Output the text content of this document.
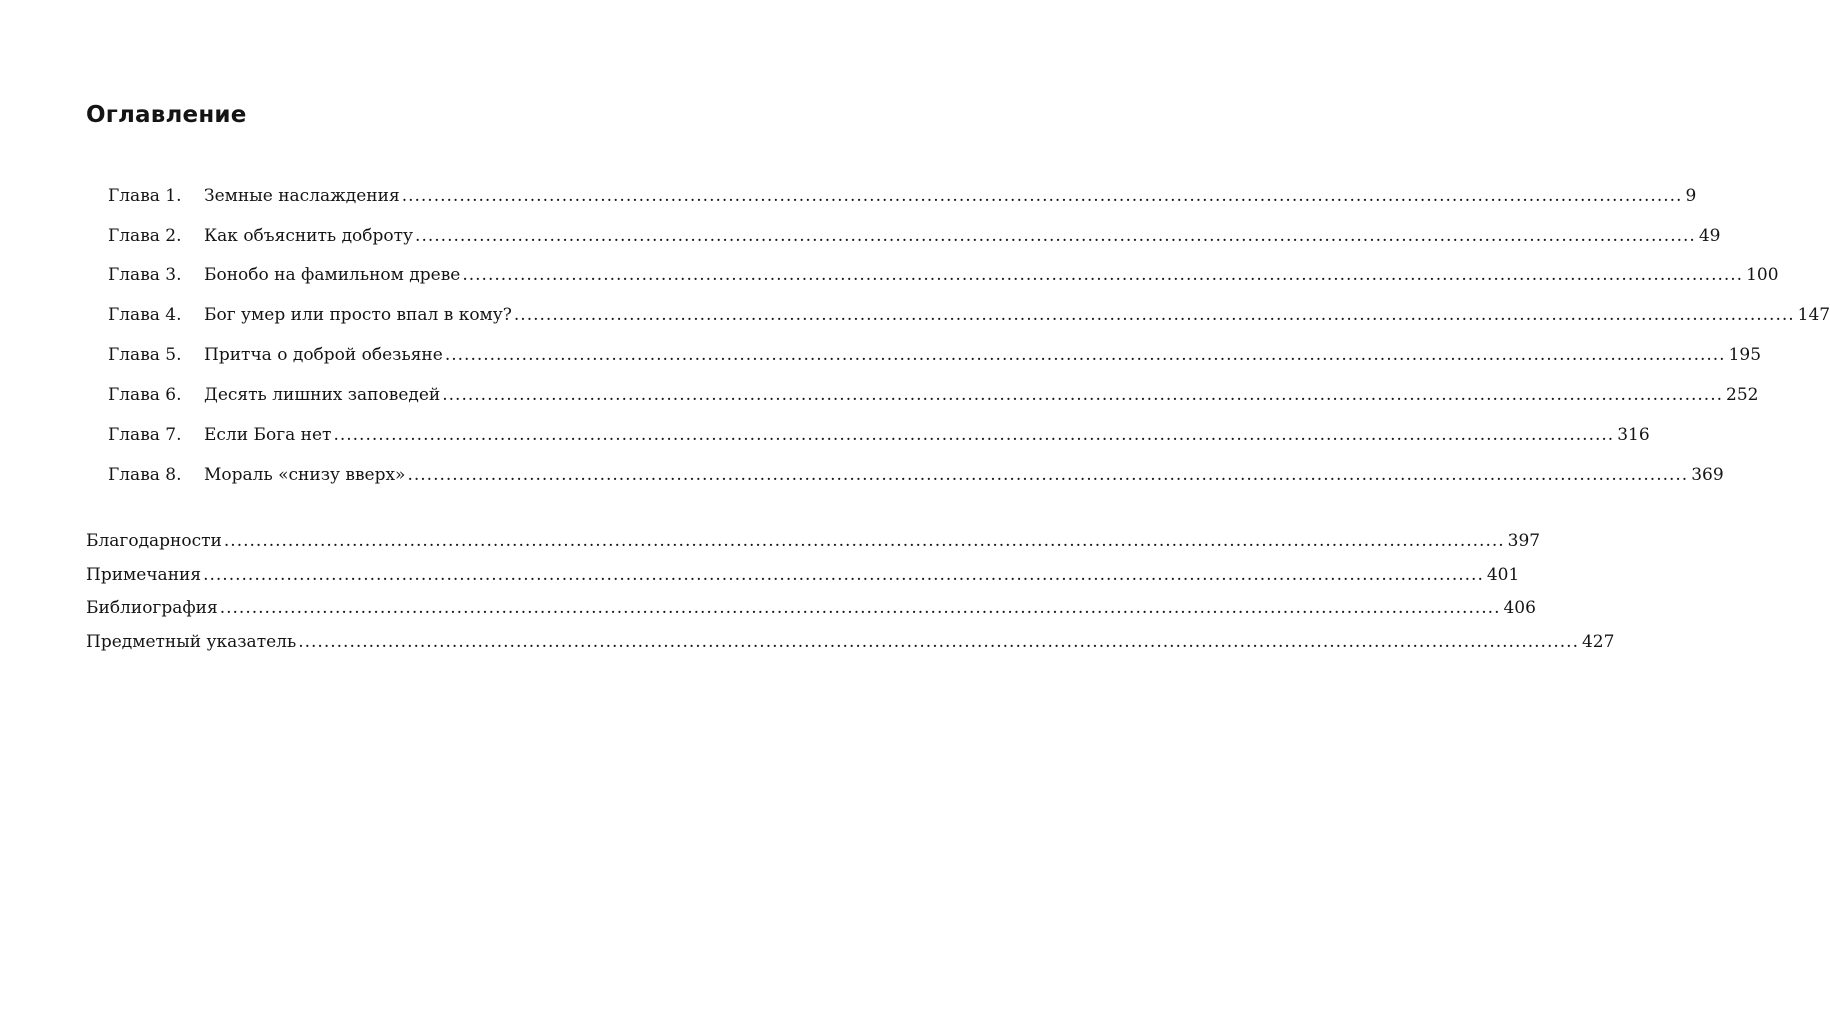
Оглавление
Глава 1.	Земные наслаждения ........................................................................................................................................................................................................ 9
Глава 2.	Как объяснить доброту ........................................................................................................................................................................................................ 49
Глава 3.	Бонобо на фамильном древе ........................................................................................................................................................................................................ 100
Глава 4.	Бог умер или просто впал в кому? ........................................................................................................................................................................................................ 147
Глава 5.	Притча о доброй обезьяне ........................................................................................................................................................................................................ 195
Глава 6.	Десять лишних заповедей ........................................................................................................................................................................................................ 252
Глава 7.	Если Бога нет ........................................................................................................................................................................................................ 316
Глава 8.	Мораль «снизу вверх» ........................................................................................................................................................................................................ 369
Благодарности ........................................................................................................................................................................................................ 397
Примечания ........................................................................................................................................................................................................ 401
Библиография ........................................................................................................................................................................................................ 406
Предметный указатель ........................................................................................................................................................................................................ 427
